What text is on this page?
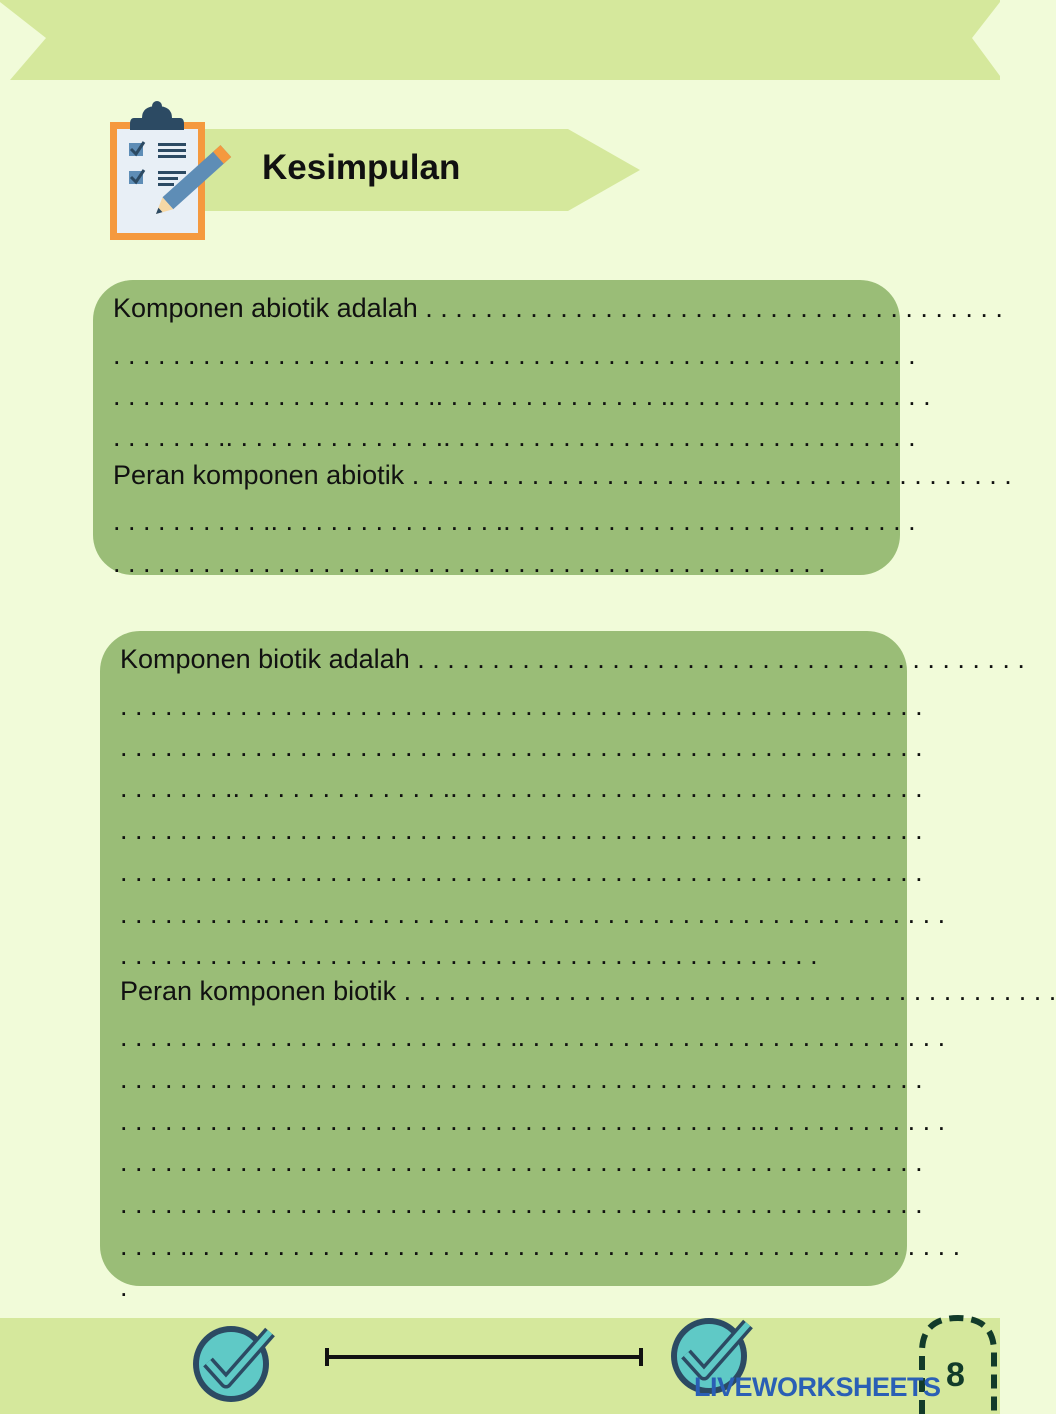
Kesimpulan
Komponen abiotik adalah . . . . . . . . . . . . . . . . . . . . . . . . . . . . . . . . . . . . . . .
. . . . . . . . . . . . . . . . . . . . . . . . . . . . . . . . . . . . . . . . . . . . . . . . . . . . . .
. . . . . . . . . . . . . . . . . . . . . .. . . . . . . . . . . . . . . .. . . . . . . . . . . . . . . . . .
. . . . . . . .. . . . . . . . . . . . . . .. . . . . . . . . . . . . . . . . . . . . . . . . . . . . . . .
Peran komponen abiotik . . . . . . . . . . . . . . . . . . . . .. . . . . . . . . . . . . . . . . . . .
. . . . . . . . . . .. . . . . . . . . . . . . . . .. . . . . . . . . . . . . . . . . . . . . . . . . . . .
. . . . . . . . . . . . . . . . . . . . . . . . . . . . . . . . . . . . . . . . . . . . . . . .
Komponen biotik adalah . . . . . . . . . . . . . . . . . . . . . . . . . . . . . . . . . . . . . . . . .
. . . . . . . . . . . . . . . . . . . . . . . . . . . . . . . . . . . . . . . . . . . . . . . . . . . . . .
. . . . . . . . . . . . . . . . . . . . . . . . . . . . . . . . . . . . . . . . . . . . . . . . . . . . . .
. . . . . . . .. . . . . . . . . . . . . . .. . . . . . . . . . . . . . . . . . . . . . . . . . . . . . . .
. . . . . . . . . . . . . . . . . . . . . . . . . . . . . . . . . . . . . . . . . . . . . . . . . . . . . .
. . . . . . . . . . . . . . . . . . . . . . . . . . . . . . . . . . . . . . . . . . . . . . . . . . . . . .
. . . . . . . . . .. . . . . . . . . . . . . . . . . . . . . . . . . . . . . . . . . . . . . . . . . . . . . .
. . . . . . . . . . . . . . . . . . . . . . . . . . . . . . . . . . . . . . . . . . . . . . .
Peran komponen biotik . . . . . . . . . . . . . . . . . . . . . . . . . . . . . . . . . . . . . . . . . . . .
. . . . . . . . . . . . . . . . . . . . . . . . . . .. . . . . . . . . . . . . . . . . . . . . . . . . . . . .
. . . . . . . . . . . . . . . . . . . . . . . . . . . . . . . . . . . . . . . . . . . . . . . . . . . . . .
. . . . . . . . . . . . . . . . . . . . . . . . . . . . . . . . . . . . . . . . . . .. . . . . . . . . . . . .
. . . . . . . . . . . . . . . . . . . . . . . . . . . . . . . . . . . . . . . . . . . . . . . . . . . . . .
. . . . . . . . . . . . . . . . . . . . . . . . . . . . . . . . . . . . . . . . . . . . . . . . . . . . . .
. . . . .. . . . . . . . . . . . . . . . . . . . . . . . . . . . . . . . . . . . . . . . . . . . . . . . . . . .
.
8
LIVEWORKSHEETS
